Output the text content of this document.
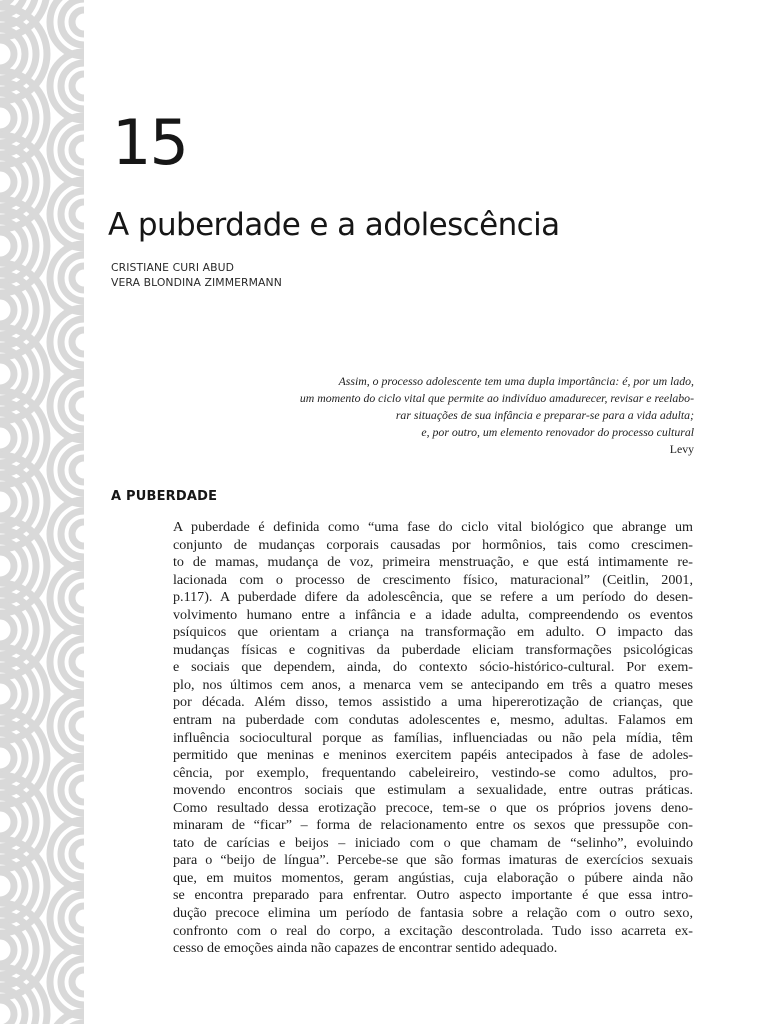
15
A puberdade e a adolescência
CRISTIANE CURI ABUD
VERA BLONDINA ZIMMERMANN
Assim, o processo adolescente tem uma dupla importância: é, por um lado,
um momento do ciclo vital que permite ao indivíduo amadurecer, revisar e reelabo-
rar situações de sua infância e preparar-se para a vida adulta;
e, por outro, um elemento renovador do processo cultural
Levy
A PUBERDADE
A puberdade é definida como “uma fase do ciclo vital biológico que abrange um
conjunto de mudanças corporais causadas por hormônios, tais como crescimen-
to de mamas, mudança de voz, primeira menstruação, e que está intimamente re-
lacionada com o processo de crescimento físico, maturacional” (Ceitlin, 2001,
p.117). A puberdade difere da adolescência, que se refere a um período do desen-
volvimento humano entre a infância e a idade adulta, compreendendo os eventos
psíquicos que orientam a criança na transformação em adulto. O impacto das
mudanças físicas e cognitivas da puberdade eliciam transformações psicológicas
e sociais que dependem, ainda, do contexto sócio-histórico-cultural. Por exem-
plo, nos últimos cem anos, a menarca vem se antecipando em três a quatro meses
por década. Além disso, temos assistido a uma hipererotização de crianças, que
entram na puberdade com condutas adolescentes e, mesmo, adultas. Falamos em
influência sociocultural porque as famílias, influenciadas ou não pela mídia, têm
permitido que meninas e meninos exercitem papéis antecipados à fase de adoles-
cência, por exemplo, frequentando cabeleireiro, vestindo-se como adultos, pro-
movendo encontros sociais que estimulam a sexualidade, entre outras práticas.
Como resultado dessa erotização precoce, tem-se o que os próprios jovens deno-
minaram de “ficar” – forma de relacionamento entre os sexos que pressupõe con-
tato de carícias e beijos – iniciado com o que chamam de “selinho”, evoluindo
para o “beijo de língua”. Percebe-se que são formas imaturas de exercícios sexuais
que, em muitos momentos, geram angústias, cuja elaboração o púbere ainda não
se encontra preparado para enfrentar. Outro aspecto importante é que essa intro-
dução precoce elimina um período de fantasia sobre a relação com o outro sexo,
confronto com o real do corpo, a excitação descontrolada. Tudo isso acarreta ex-
cesso de emoções ainda não capazes de encontrar sentido adequado.
